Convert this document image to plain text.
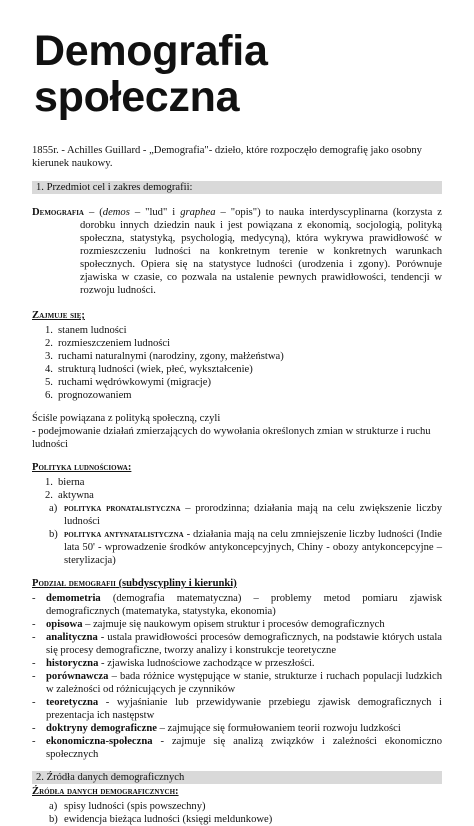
Demografia społeczna

1855r. - Achilles Guillard - „Demografia"- dzieło, które rozpoczęło demografię jako osobny kierunek naukowy.

1. Przedmiot cel i zakres demografii:

Demografia – (demos – "lud" i graphea – "opis") to nauka interdyscyplinarna (korzysta z dorobku innych dziedzin nauk i jest powiązana z ekonomią, socjologią, polityką społeczna, statystyką, psychologią, medycyną), która wykrywa prawidłowość w rozmieszczeniu ludności na konkretnym terenie w konkretnych warunkach społecznych. Opiera się na statystyce ludności (urodzenia i zgony). Porównuje zjawiska w czasie, co pozwala na ustalenie pewnych prawidłowości, tendencji w rozwoju ludności.

Zajmuje się;
1. stanem ludności
2. rozmieszczeniem ludności
3. ruchami naturalnymi (narodziny, zgony, małżeństwa)
4. strukturą ludności (wiek, płeć, wykształcenie)
5. ruchami wędrówkowymi (migracje)
6. prognozowaniem

Ściśle powiązana z polityką społeczną, czyli

- podejmowanie działań zmierzających do wywołania określonych zmian w strukturze i ruchu ludności

Polityka ludnościowa:
1. bierna
2. aktywna
a) polityka pronatalistyczna – prorodzinna; działania mają na celu zwiększenie liczby ludności
b) polityka antynatalistyczna - działania mają na celu zmniejszenie liczby ludności (Indie lata 50' - wprowadzenie środków antykoncepcyjnych, Chiny - obozy antykoncepcyjne – sterylizacja)
Podział demografii (subdyscypliny i kierunki)
- demometria (demografia matematyczna) – problemy metod pomiaru zjawisk demograficznych (matematyka, statystyka, ekonomia)
- opisowa – zajmuje się naukowym opisem struktur i procesów demograficznych
- analityczna - ustala prawidłowości procesów demograficznych, na podstawie których ustala się procesy demograficzne, tworzy analizy i konstrukcje teoretyczne
- historyczna - zjawiska ludnościowe zachodzące w przeszłości.
- porównawcza – bada różnice występujące w stanie, strukturze i ruchach populacji ludzkich w zależności od różnicujących je czynników
- teoretyczna - wyjaśnianie lub przewidywanie przebiegu zjawisk demograficznych i prezentacja ich następstw
- doktryny demograficzne – zajmujące się formułowaniem teorii rozwoju ludzkości
- ekonomiczna-społeczna - zajmuje się analizą związków i zależności ekonomiczno społecznych
2. Źródła danych demograficznych
Źródła danych demograficznych:
a) spisy ludności (spis powszechny)
b) ewidencja bieżąca ludności (księgi meldunkowe)
